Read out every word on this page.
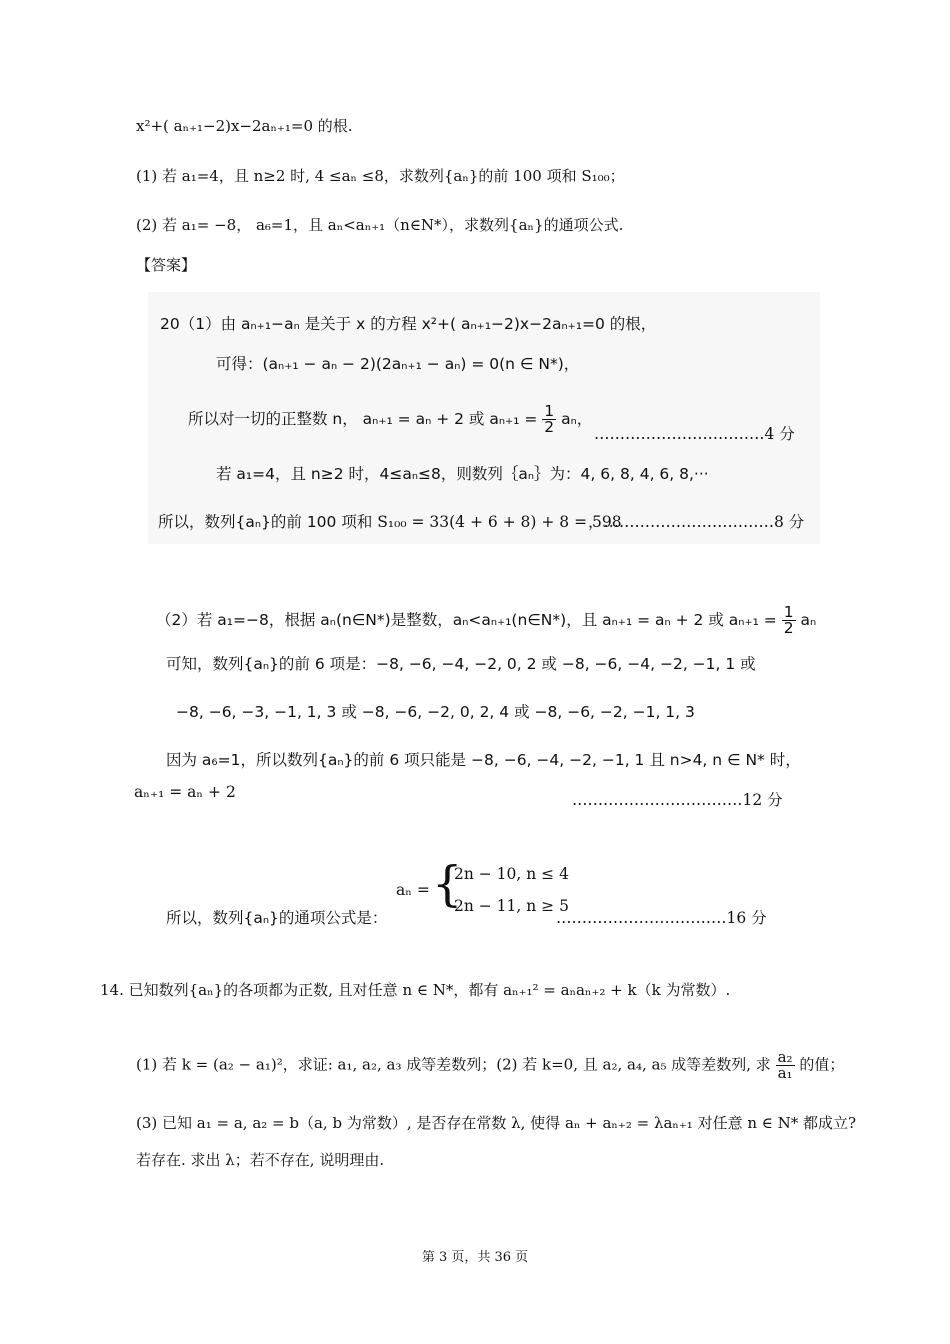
x²+( aₙ₊₁−2)x−2aₙ₊₁=0 的根.
(1) 若 a₁=4，且 n≥2 时, 4 ≤aₙ ≤8，求数列{aₙ}的前 100 项和 S₁₀₀；
(2) 若 a₁= −8， a₆=1，且 aₙ<aₙ₊₁（n∈N*），求数列{aₙ}的通项公式.
【答案】
20（1）由 aₙ₊₁−aₙ 是关于 x 的方程 x²+( aₙ₊₁−2)x−2aₙ₊₁=0 的根，
可得：(aₙ₊₁ − aₙ − 2)(2aₙ₊₁ − aₙ) = 0(n ∈ N*)，
所以对一切的正整数 n， aₙ₊₁ = aₙ + 2 或 $a_{n+1} = \frac{1}{2}$ aₙ，
……………………………4 分
若 a₁=4，且 n≥2 时，4≤aₙ≤8，则数列｛aₙ｝为：4, 6, 8, 4, 6, 8,···
所以，数列{aₙ}的前 100 项和 S₁₀₀ = 33(4 + 6 + 8) + 8 = 598
，……………………………8 分
（2）若 a₁=−8，根据 aₙ(n∈N*)是整数，aₙ<aₙ₊₁(n∈N*)，且 aₙ₊₁ = aₙ + 2 或 $a_{n+1} = \frac{1}{2}$ aₙ
可知，数列{aₙ}的前 6 项是：−8, −6, −4, −2, 0, 2 或 −8, −6, −4, −2, −1, 1 或
−8, −6, −3, −1, 1, 3 或 −8, −6, −2, 0, 2, 4 或 −8, −6, −2, −1, 1, 3
因为 a₆=1，所以数列{aₙ}的前 6 项只能是 −8, −6, −4, −2, −1, 1 且 n>4, n ∈ N* 时，
aₙ₊₁ = aₙ + 2	……………………………12 分
所以，数列{aₙ}的通项公式是：
aₙ = {
2n − 10, n ≤ 4
2n − 11, n ≥ 5
……………………………16 分
14. 已知数列{aₙ}的各项都为正数, 且对任意 n ∈ N*，都有 aₙ₊₁² = aₙaₙ₊₂ + k（k 为常数）.
(1) 若 k = (a₂ − a₁)²，求证: a₁, a₂, a₃ 成等差数列；(2) 若 k=0, 且 a₂, a₄, a₅ 成等差数列, 求 $\frac{\text{a₂}}{\text{a₁}}$ 的值；
(3) 已知 a₁ = a, a₂ = b（a, b 为常数）, 是否存在常数 λ, 使得 aₙ + aₙ₊₂ = λaₙ₊₁ 对任意 n ∈ N* 都成立?
若存在. 求出 λ；若不存在, 说明理由.
第 3 页，共 36 页
